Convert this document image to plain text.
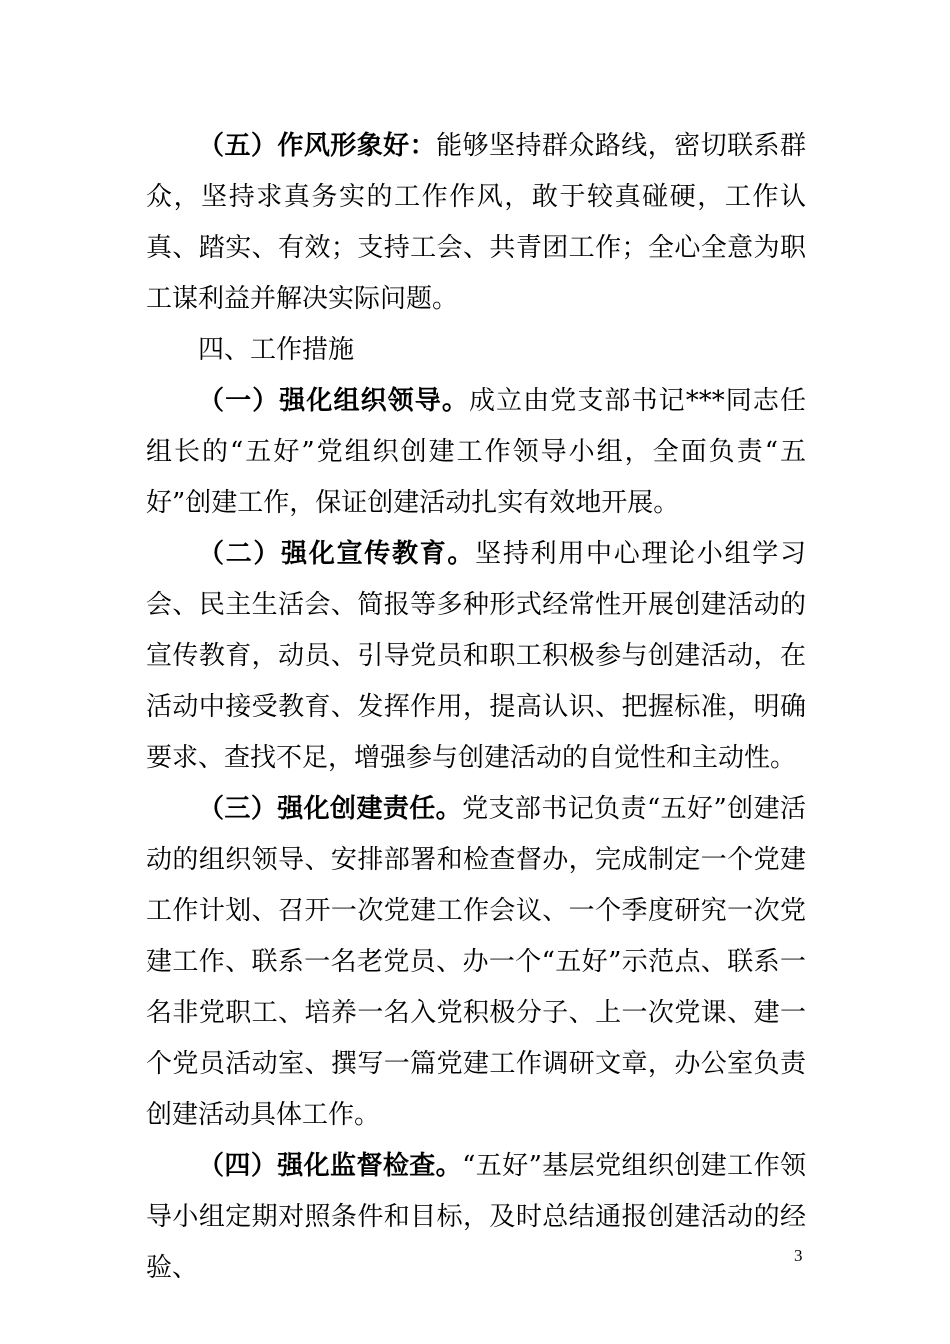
（五）作风形象好：能够坚持群众路线，密切联系群众，坚持求真务实的工作作风，敢于较真碰硬，工作认真、踏实、有效；支持工会、共青团工作；全心全意为职工谋利益并解决实际问题。

四、工作措施

（一）强化组织领导。成立由党支部书记***同志任组长的“五好”党组织创建工作领导小组，全面负责“五好”创建工作，保证创建活动扎实有效地开展。

（二）强化宣传教育。坚持利用中心理论小组学习会、民主生活会、简报等多种形式经常性开展创建活动的宣传教育，动员、引导党员和职工积极参与创建活动，在活动中接受教育、发挥作用，提高认识、把握标准，明确要求、查找不足，增强参与创建活动的自觉性和主动性。

（三）强化创建责任。党支部书记负责“五好”创建活动的组织领导、安排部署和检查督办，完成制定一个党建工作计划、召开一次党建工作会议、一个季度研究一次党建工作、联系一名老党员、办一个“五好”示范点、联系一名非党职工、培养一名入党积极分子、上一次党课、建一个党员活动室、撰写一篇党建工作调研文章，办公室负责创建活动具体工作。

（四）强化监督检查。“五好”基层党组织创建工作领导小组定期对照条件和目标，及时总结通报创建活动的经验、	3
